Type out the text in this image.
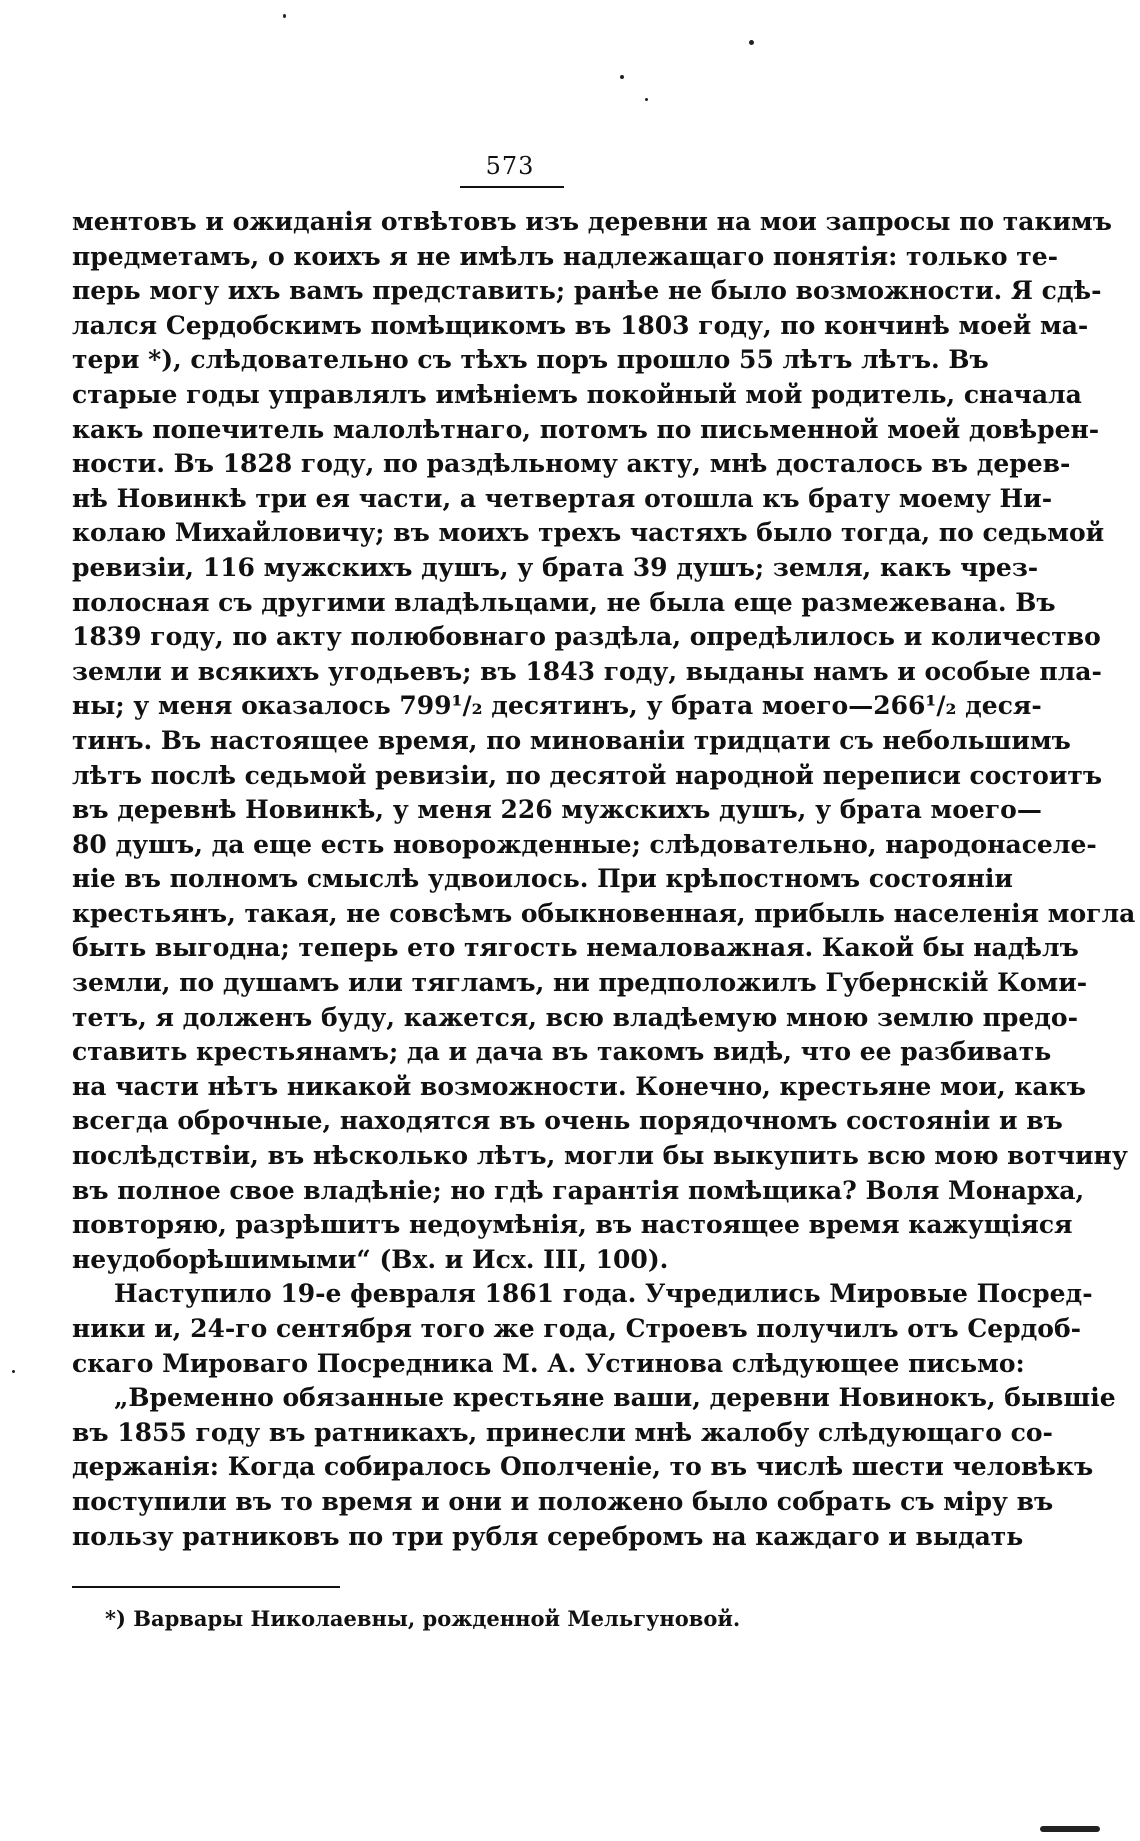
573
ментовъ и ожиданія отвѣтовъ изъ деревни на мои запросы по такимъ
предметамъ, о коихъ я не имѣлъ надлежащаго понятія: только те-
перь могу ихъ вамъ представить; ранѣе не было возможности. Я сдѣ-
лался Сердобскимъ помѣщикомъ въ 1803 году, по кончинѣ моей ма-
тери *), слѣдовательно съ тѣхъ поръ прошло 55 лѣтъ лѣтъ. Въ
старые годы управлялъ имѣніемъ покойный мой родитель, сначала
какъ попечитель малолѣтнаго, потомъ по письменной моей довѣрен-
ности. Въ 1828 году, по раздѣльному акту, мнѣ досталось въ дерев-
нѣ Новинкѣ три ея части, а четвертая отошла къ брату моему Ни-
колаю Михайловичу; въ моихъ трехъ частяхъ было тогда, по седьмой
ревизіи, 116 мужскихъ душъ, у брата 39 душъ; земля, какъ чрез-
полосная съ другими владѣльцами, не была еще размежевана. Въ
1839 году, по акту полюбовнаго раздѣла, опредѣлилось и количество
земли и всякихъ угодьевъ; въ 1843 году, выданы намъ и особые пла-
ны; у меня оказалось 799¹/₂ десятинъ, у брата моего—266¹/₂ деся-
тинъ. Въ настоящее время, по минованіи тридцати съ небольшимъ
лѣтъ послѣ седьмой ревизіи, по десятой народной переписи состоитъ
въ деревнѣ Новинкѣ, у меня 226 мужскихъ душъ, у брата моего—
80 душъ, да еще есть новорожденные; слѣдовательно, народонаселе-
ніе въ полномъ смыслѣ удвоилось. При крѣпостномъ состояніи
крестьянъ, такая, не совсѣмъ обыкновенная, прибыль населенія могла
быть выгодна; теперь ето тягость немаловажная. Какой бы надѣлъ
земли, по душамъ или тягламъ, ни предположилъ Губернскій Коми-
тетъ, я долженъ буду, кажется, всю владѣемую мною землю предо-
ставить крестьянамъ; да и дача въ такомъ видѣ, что ее разбивать
на части нѣтъ никакой возможности. Конечно, крестьяне мои, какъ
всегда оброчные, находятся въ очень порядочномъ состояніи и въ
послѣдствіи, въ нѣсколько лѣтъ, могли бы выкупить всю мою вотчину
въ полное свое владѣніе; но гдѣ гарантія помѣщика? Воля Монарха,
повторяю, разрѣшитъ недоумѣнія, въ настоящее время кажущіяся
неудоборѣшимыми“ (Вх. и Исх. III, 100).
Наступило 19-е февраля 1861 года. Учредились Мировые Посред-
ники и, 24-го сентября того же года, Строевъ получилъ отъ Сердоб-
скаго Мироваго Посредника М. А. Устинова слѣдующее письмо:
„Временно обязанные крестьяне ваши, деревни Новинокъ, бывшіе
въ 1855 году въ ратникахъ, принесли мнѣ жалобу слѣдующаго со-
держанія: Когда собиралось Ополченіе, то въ числѣ шести человѣкъ
поступили въ то время и они и положено было собрать съ міру въ
пользу ратниковъ по три рубля серебромъ на каждаго и выдать
*) Варвары Николаевны, рожденной Мельгуновой.
